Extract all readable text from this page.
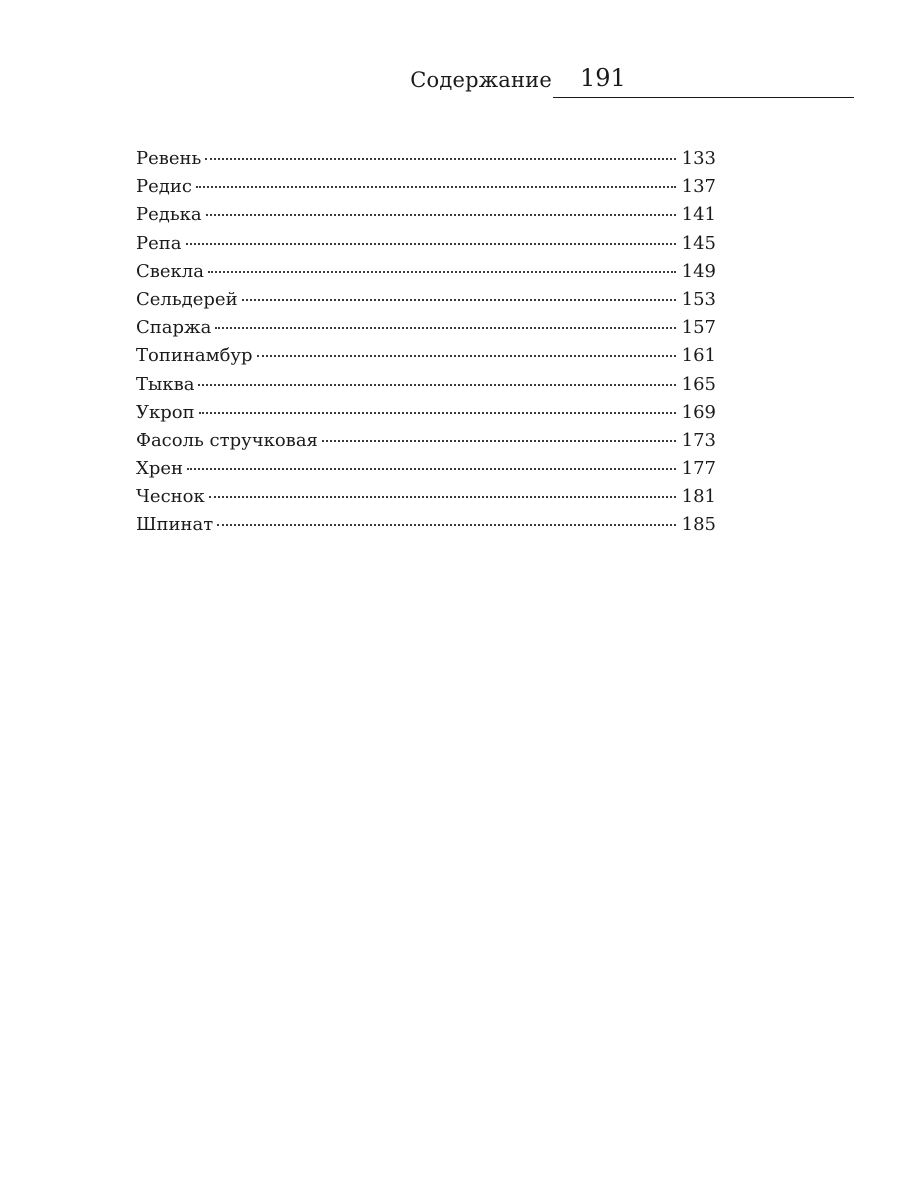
Содержание 191
Ревень	133
Редис	137
Редька	141
Репа	145
Свекла	149
Сельдерей	153
Спаржа	157
Топинамбур	161
Тыква	165
Укроп	169
Фасоль стручковая	173
Хрен	177
Чеснок	181
Шпинат	185
